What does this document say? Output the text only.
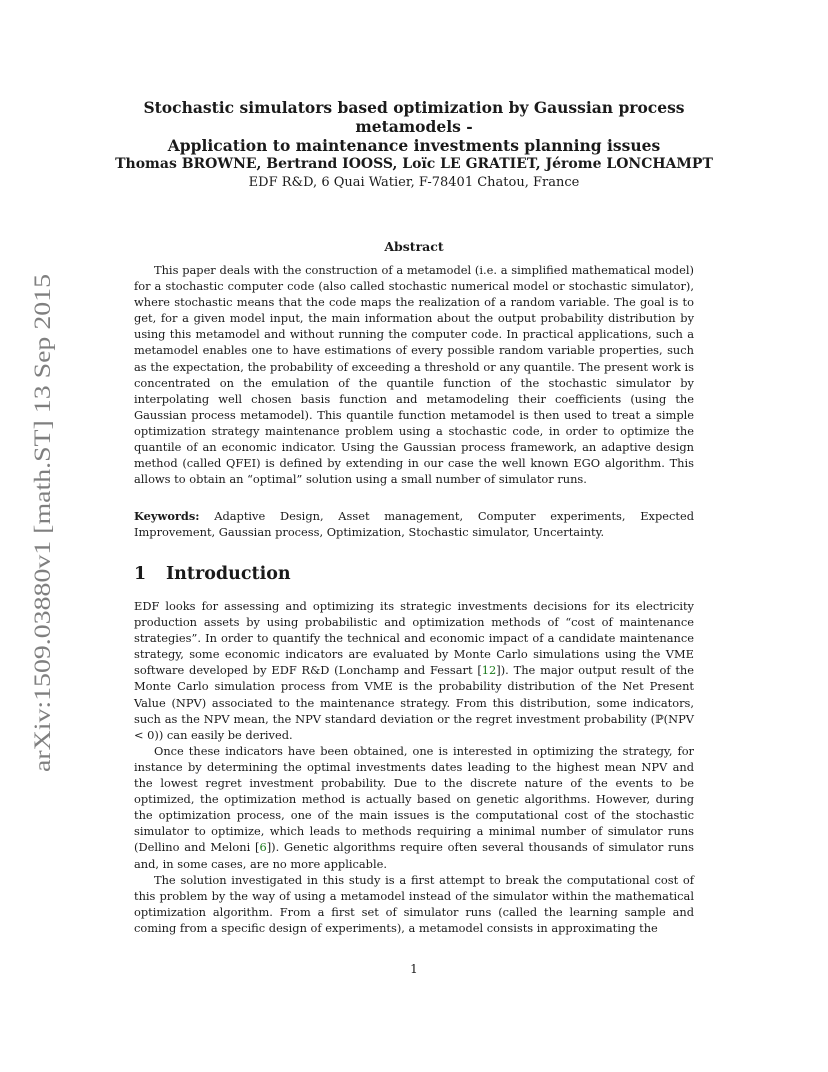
arXiv:1509.03880v1 [math.ST] 13 Sep 2015
Stochastic simulators based optimization by Gaussian process metamodels -
Application to maintenance investments planning issues
Thomas BROWNE, Bertrand IOOSS, Loïc LE GRATIET, Jérome LONCHAMPT
EDF R&D, 6 Quai Watier, F-78401 Chatou, France
Abstract
This paper deals with the construction of a metamodel (i.e. a simplified mathematical model) for a stochastic computer code (also called stochastic numerical model or stochastic simulator), where stochastic means that the code maps the realization of a random variable. The goal is to get, for a given model input, the main information about the output probability distribution by using this metamodel and without running the computer code. In practical applications, such a metamodel enables one to have estimations of every possible random variable properties, such as the expectation, the probability of exceeding a threshold or any quantile. The present work is concentrated on the emulation of the quantile function of the stochastic simulator by interpolating well chosen basis function and metamodeling their coefficients (using the Gaussian process metamodel). This quantile function metamodel is then used to treat a simple optimization strategy maintenance problem using a stochastic code, in order to optimize the quantile of an economic indicator. Using the Gaussian process framework, an adaptive design method (called QFEI) is defined by extending in our case the well known EGO algorithm. This allows to obtain an “optimal” solution using a small number of simulator runs.
Keywords: Adaptive Design, Asset management, Computer experiments, Expected Improvement, Gaussian process, Optimization, Stochastic simulator, Uncertainty.
1 Introduction

EDF looks for assessing and optimizing its strategic investments decisions for its electricity production assets by using probabilistic and optimization methods of “cost of maintenance strategies”. In order to quantify the technical and economic impact of a candidate maintenance strategy, some economic indicators are evaluated by Monte Carlo simulations using the VME software developed by EDF R&D (Lonchamp and Fessart [12]). The major output result of the Monte Carlo simulation process from VME is the probability distribution of the Net Present Value (NPV) associated to the maintenance strategy. From this distribution, some indicators, such as the NPV mean, the NPV standard deviation or the regret investment probability (ℙ(NPV < 0)) can easily be derived.

Once these indicators have been obtained, one is interested in optimizing the strategy, for instance by determining the optimal investments dates leading to the highest mean NPV and the lowest regret investment probability. Due to the discrete nature of the events to be optimized, the optimization method is actually based on genetic algorithms. However, during the optimization process, one of the main issues is the computational cost of the stochastic simulator to optimize, which leads to methods requiring a minimal number of simulator runs (Dellino and Meloni [6]). Genetic algorithms require often several thousands of simulator runs and, in some cases, are no more applicable.

The solution investigated in this study is a first attempt to break the computational cost of this problem by the way of using a metamodel instead of the simulator within the mathematical optimization algorithm. From a first set of simulator runs (called the learning sample and coming from a specific design of experiments), a metamodel consists in approximating the

1
